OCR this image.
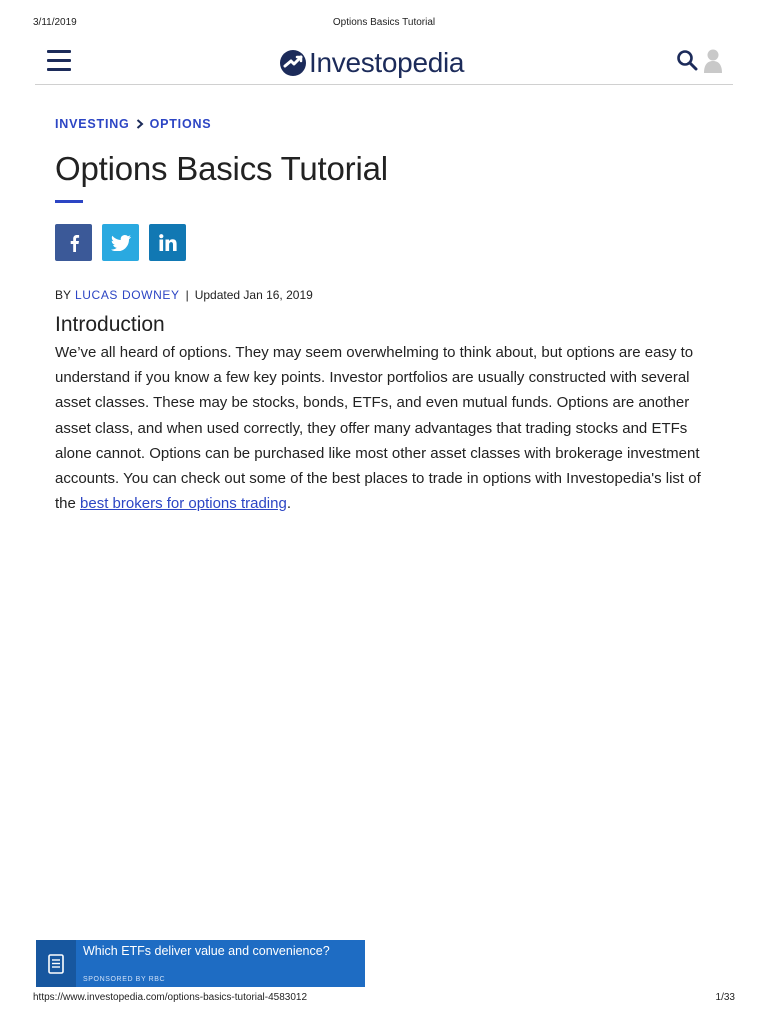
3/11/2019	Options Basics Tutorial
Investopedia
INVESTING OPTIONS
Options Basics Tutorial
BY LUCAS DOWNEY | Updated Jan 16, 2019
Introduction

We’ve all heard of options. They may seem overwhelming to think about, but options are easy to understand if you know a few key points. Investor portfolios are usually constructed with several asset classes. These may be stocks, bonds, ETFs, and even mutual funds. Options are another asset class, and when used correctly, they offer many advantages that trading stocks and ETFs alone cannot. Options can be purchased like most other asset classes with brokerage investment accounts. You can check out some of the best places to trade in options with Investopedia's list of the best brokers for options trading.

Which ETFs deliver value and convenience?
SPONSORED BY RBC
https://www.investopedia.com/options-basics-tutorial-4583012	1/33
